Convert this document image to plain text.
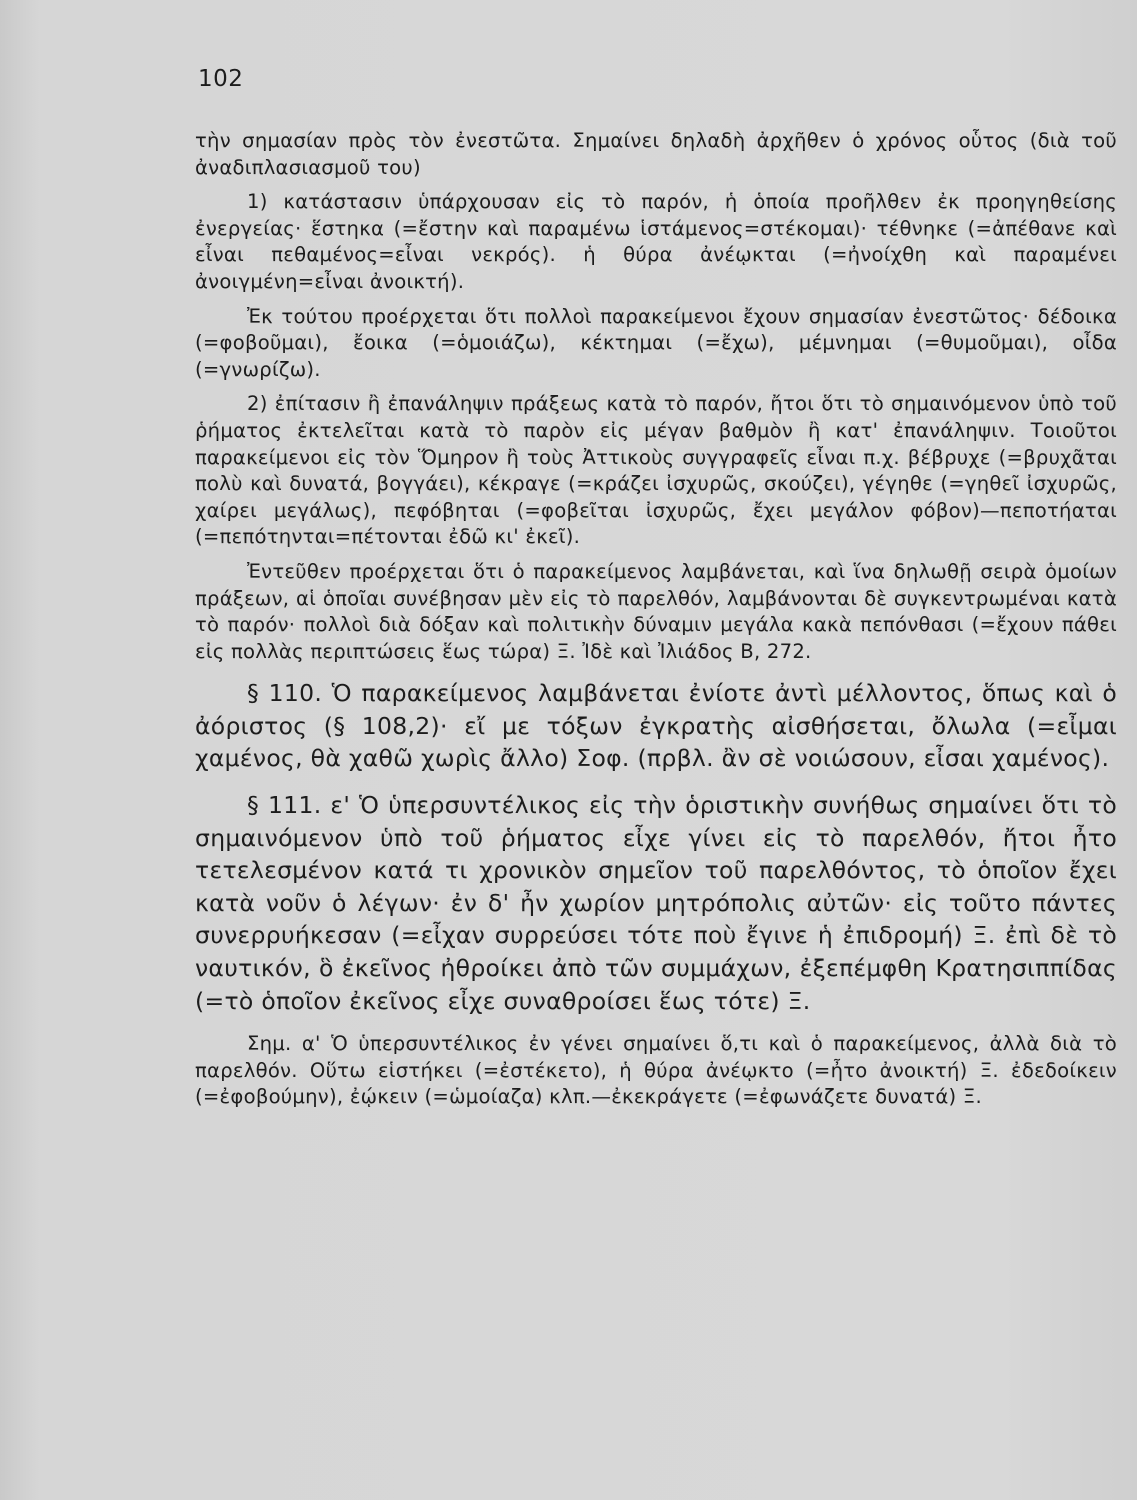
102

τὴν σημασίαν πρὸς τὸν ἐνεστῶτα. Σημαίνει δηλαδὴ ἀρχῆθεν ὁ χρόνος οὗτος (διὰ τοῦ ἀναδιπλασιασμοῦ του)

1) κατάστασιν ὑπάρχουσαν εἰς τὸ παρόν, ἡ ὁποία προῆλθεν ἐκ προηγηθείσης ἐνεργείας· ἕστηκα (=ἔστην καὶ παραμένω ἱστάμενος=στέκομαι)· τέθνηκε (=ἀπέθανε καὶ εἶναι πεθαμένος=εἶναι νεκρός). ἡ θύρα ἀνέῳκται (=ἠνοίχθη καὶ παραμένει ἀνοιγμένη=εἶναι ἀνοικτή).

Ἐκ τούτου προέρχεται ὅτι πολλοὶ παρακείμενοι ἔχουν σημασίαν ἐνεστῶτος· δέδοικα (=φοβοῦμαι), ἔοικα (=ὁμοιάζω), κέκτημαι (=ἔχω), μέμνημαι (=θυμοῦμαι), οἶδα (=γνωρίζω).

2) ἐπίτασιν ἢ ἐπανάληψιν πράξεως κατὰ τὸ παρόν, ἤτοι ὅτι τὸ σημαινόμενον ὑπὸ τοῦ ῥήματος ἐκτελεῖται κατὰ τὸ παρὸν εἰς μέγαν βαθμὸν ἢ κατ' ἐπανάληψιν. Τοιοῦτοι παρακείμενοι εἰς τὸν Ὅμηρον ἢ τοὺς Ἀττικοὺς συγγραφεῖς εἶναι π.χ. βέβρυχε (=βρυχᾶται πολὺ καὶ δυνατά, βογγάει), κέκραγε (=κράζει ἰσχυρῶς, σκούζει), γέγηθε (=γηθεῖ ἰσχυρῶς, χαίρει μεγάλως), πεφόβηται (=φοβεῖται ἰσχυρῶς, ἔχει μεγάλον φόβον)—πεποτήαται (=πεπότηνται=πέτονται ἐδῶ κι' ἐκεῖ).

Ἐντεῦθεν προέρχεται ὅτι ὁ παρακείμενος λαμβάνεται, καὶ ἵνα δηλωθῇ σειρὰ ὁμοίων πράξεων, αἱ ὁποῖαι συνέβησαν μὲν εἰς τὸ παρελθόν, λαμβάνονται δὲ συγκεντρωμέναι κατὰ τὸ παρόν· πολλοὶ διὰ δόξαν καὶ πολιτικὴν δύναμιν μεγάλα κακὰ πεπόνθασι (=ἔχουν πάθει εἰς πολλὰς περιπτώσεις ἕως τώρα) Ξ. Ἰδὲ καὶ Ἰλιάδος Β, 272.

§ 110. Ὁ παρακείμενος λαμβάνεται ἐνίοτε ἀντὶ μέλλοντος, ὅπως καὶ ὁ ἀόριστος (§ 108,2)· εἴ με τόξων ἐγκρατὴς αἰσθήσεται, ὄλωλα (=εἶμαι χαμένος, θὰ χαθῶ χωρὶς ἄλλο) Σοφ. (πρβλ. ἂν σὲ νοιώσουν, εἶσαι χαμένος).

§ 111. ε' Ὁ ὑπερσυντέλικος εἰς τὴν ὁριστικὴν συνήθως σημαίνει ὅτι τὸ σημαινόμενον ὑπὸ τοῦ ῥήματος εἶχε γίνει εἰς τὸ παρελθόν, ἤτοι ἦτο τετελεσμένον κατά τι χρονικὸν σημεῖον τοῦ παρελθόντος, τὸ ὁποῖον ἔχει κατὰ νοῦν ὁ λέγων· ἐν δ' ἦν χωρίον μητρόπολις αὐτῶν· εἰς τοῦτο πάντες συνερρυήκεσαν (=εἶχαν συρρεύσει τότε ποὺ ἔγινε ἡ ἐπιδρομή) Ξ. ἐπὶ δὲ τὸ ναυτικόν, ὃ ἐκεῖνος ἠθροίκει ἀπὸ τῶν συμμάχων, ἐξεπέμφθη Κρατησιππίδας (=τὸ ὁποῖον ἐκεῖνος εἶχε συναθροίσει ἕως τότε) Ξ.

Σημ. α' Ὁ ὑπερσυντέλικος ἐν γένει σημαίνει ὅ,τι καὶ ὁ παρακείμενος, ἀλλὰ διὰ τὸ παρελθόν. Οὕτω εἱστήκει (=ἐστέκετο), ἡ θύρα ἀνέῳκτο (=ἦτο ἀνοικτή) Ξ. ἐδεδοίκειν (=ἐφοβούμην), ἐῴκειν (=ὡμοίαζα) κλπ.—ἐκεκράγετε (=ἐφωνάζετε δυνατά) Ξ.
